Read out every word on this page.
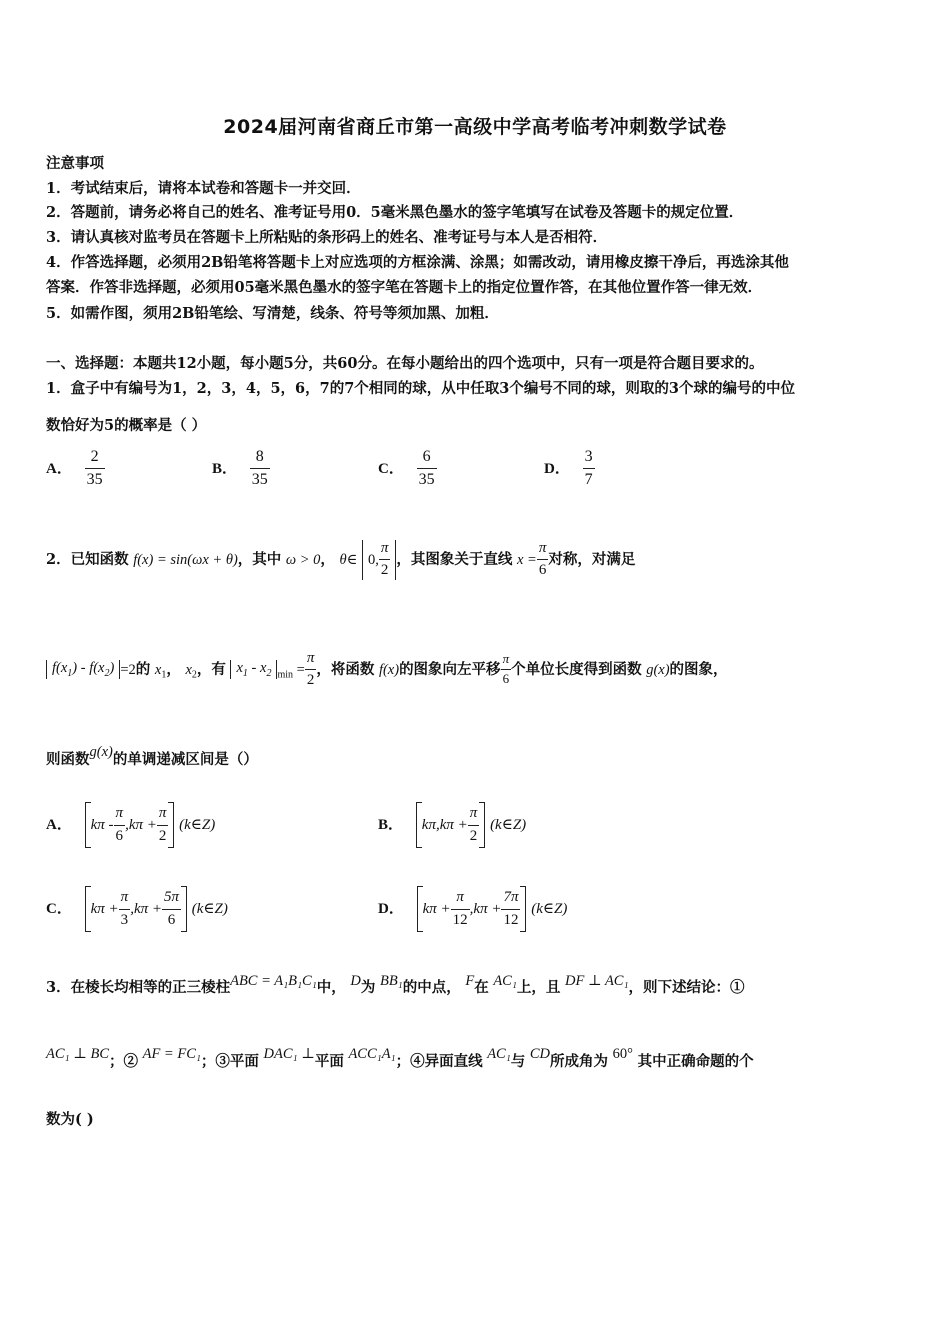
2024届河南省商丘市第一高级中学高考临考冲刺数学试卷
注意事项
1．考试结束后，请将本试卷和答题卡一并交回．
2．答题前，请务必将自己的姓名、准考证号用0．5毫米黑色墨水的签字笔填写在试卷及答题卡的规定位置．
3．请认真核对监考员在答题卡上所粘贴的条形码上的姓名、准考证号与本人是否相符．
4．作答选择题，必须用2B铅笔将答题卡上对应选项的方框涂满、涂黑；如需改动，请用橡皮擦干净后，再选涂其他
答案．作答非选择题，必须用05毫米黑色墨水的签字笔在答题卡上的指定位置作答，在其他位置作答一律无效．
5．如需作图，须用2B铅笔绘、写清楚，线条、符号等须加黑、加粗．
一、选择题：本题共12小题，每小题5分，共60分。在每小题给出的四个选项中，只有一项是符合题目要求的。
1．盒子中有编号为1，2，3，4，5，6，7的7个相同的球，从中任取3个编号不同的球，则取的3个球的编号的中位
数恰好为5的概率是（ ）
A． $\frac{2}{35}$	B． $\frac{8}{35}$	C． $\frac{6}{35}$	D． $\frac{3}{7}$
2．已知函数 f(x) = sin(ωx + θ)，其中 ω > 0， θ∈ 0, $\frac{\pi}{2}$ ，其图象关于直线 $x = \frac{\pi}{6}$ 对称，对满足
$f(x_1) - f(x_2) =2$的 $x_1$， $x_2$，有 $x_1 - x_2$ $_{min} = \frac{\pi}{2}$ ，将函数 f(x)的图象向左平移 $\frac{\pi}{6}$ 个单位长度得到函数 g(x)的图象，
则函数g(x)的单调递减区间是（）
A． $k\pi - \frac{\pi}{6} ,k\pi + \frac{\pi}{2}$ (k∈Z)	B． $k\pi,k\pi + \frac{\pi}{2}$ (k∈Z)
C． $k\pi + \frac{\pi}{3} ,k\pi + \frac{5\pi}{6}$ (k∈Z)	D． $k\pi + \frac{\pi}{12} ,k\pi + \frac{7\pi}{12}$ (k∈Z)
3．在棱长均相等的正三棱柱ABC = A₁B₁C₁中， D为 BB₁的中点， F在 AC₁上，且 DF ⊥ AC₁，则下述结论：①
AC₁ ⊥ BC；② AF = FC₁；③平面 DAC₁ ⊥平面 ACC₁A₁；④异面直线 AC₁与 CD所成角为 60° 其中正确命题的个
数为( )
